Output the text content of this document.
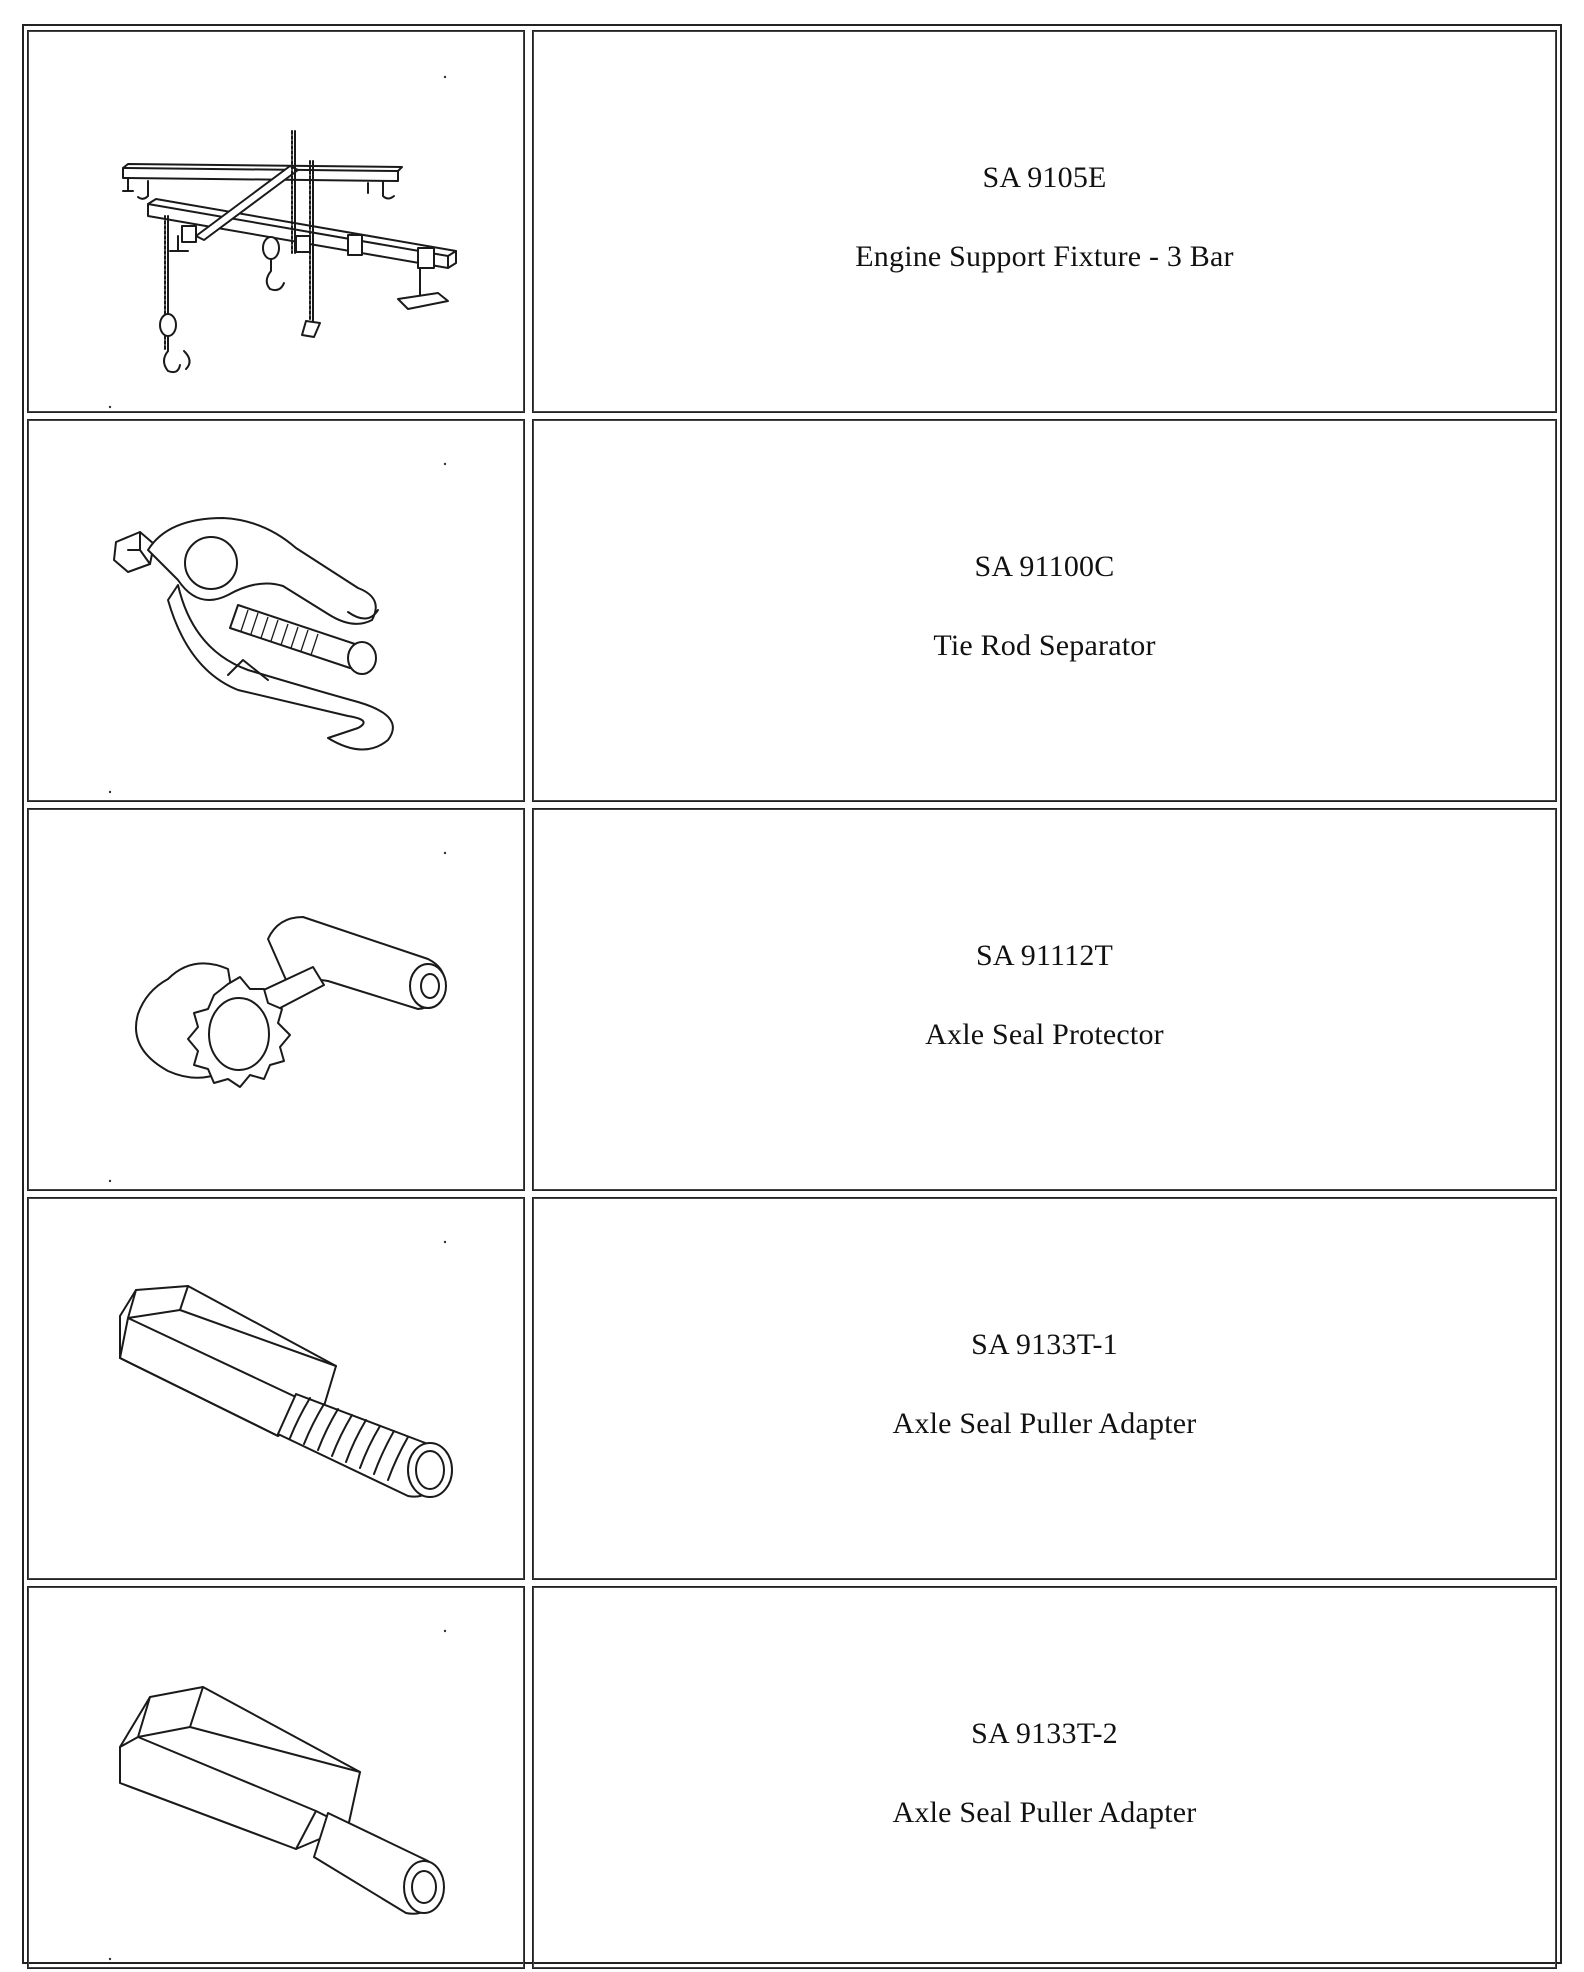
SA 9105E
Engine Support Fixture - 3 Bar
SA 91100C
Tie Rod Separator
SA 91112T
Axle Seal Protector
SA 9133T-1
Axle Seal Puller Adapter
SA 9133T-2
Axle Seal Puller Adapter
